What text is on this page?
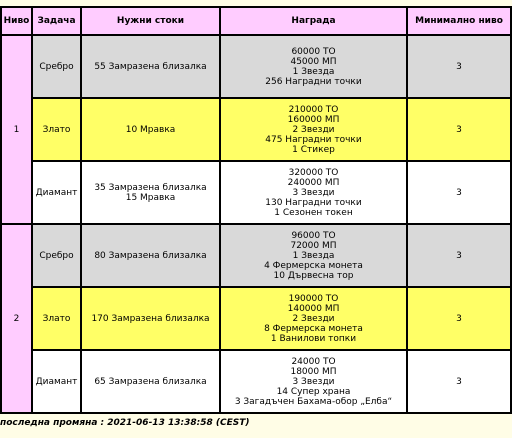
Ниво	Задача	Нужни стоки	Награда	Минимално ниво
1	Сребро	55 Замразена близалка	60000 ТО
45000 МП
1 Звезда
256 Наградни точки	3
	Злато	10 Мравка	210000 ТО
160000 МП
2 Звезди
475 Наградни точки
1 Стикер	3
	Диамант	35 Замразена близалка
15 Мравка	320000 ТО
240000 МП
3 Звезди
130 Наградни точки
1 Сезонен токен	3
2	Сребро	80 Замразена близалка	96000 ТО
72000 МП
1 Звезда
4 Фермерска монета
10 Дървесна тор	3
	Злато	170 Замразена близалка	190000 ТО
140000 МП
2 Звезди
8 Фермерска монета
1 Ванилови топки	3
	Диамант	65 Замразена близалка	24000 ТО
18000 МП
3 Звезди
14 Супер храна
3 Загадъчен Бахама-обор „Елба“	3
последна промяна : 2021-06-13 13:38:58 (CEST)
